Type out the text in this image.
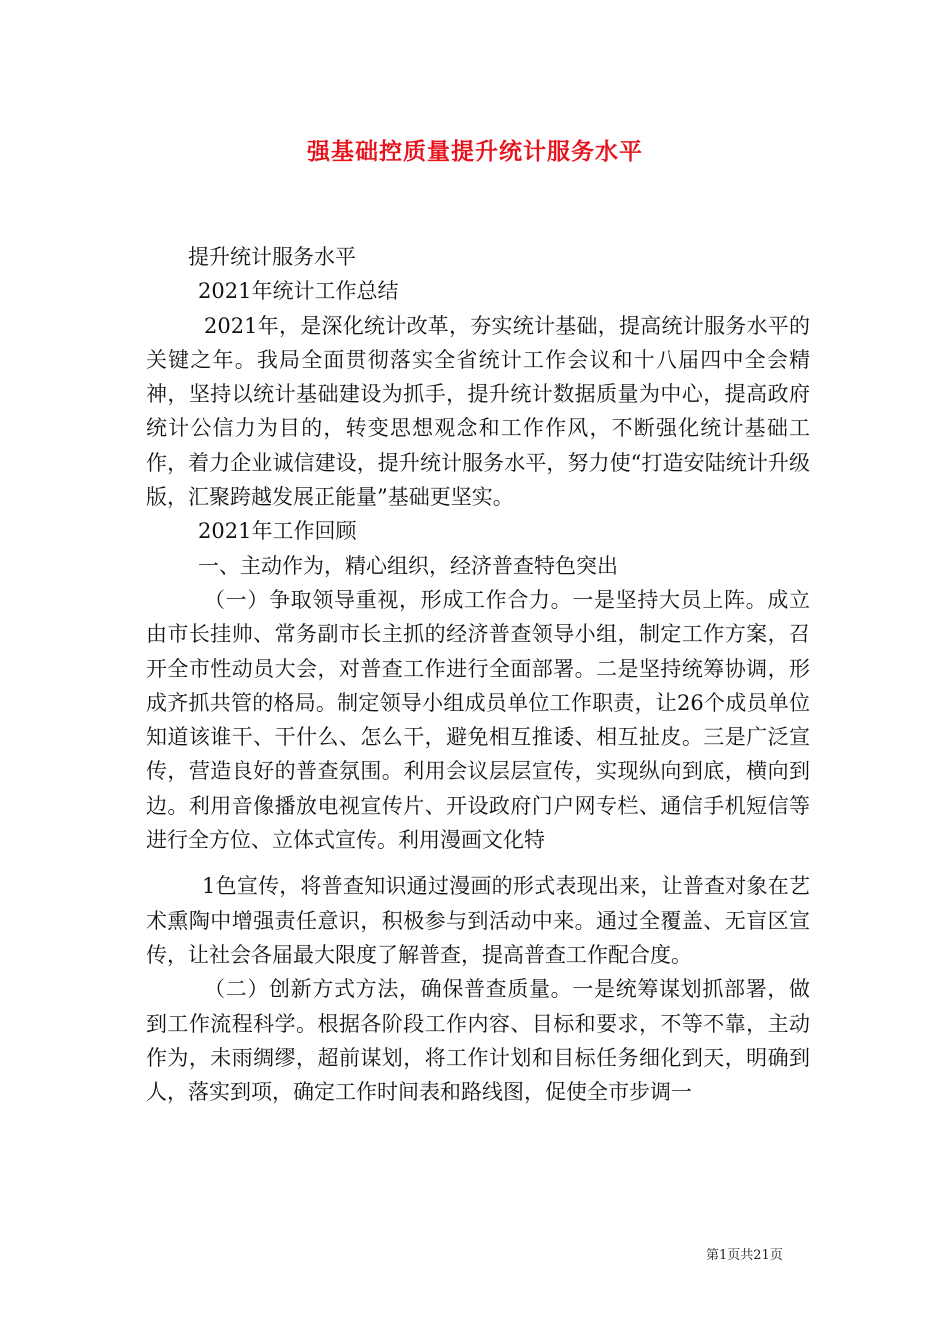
强基础控质量提升统计服务水平

提升统计服务水平

2021年统计工作总结

2021年，是深化统计改革，夯实统计基础，提高统计服务水平的关键之年。我局全面贯彻落实全省统计工作会议和十八届四中全会精神，坚持以统计基础建设为抓手，提升统计数据质量为中心，提高政府统计公信力为目的，转变思想观念和工作作风，不断强化统计基础工作，着力企业诚信建设，提升统计服务水平，努力使“打造安陆统计升级版，汇聚跨越发展正能量”基础更坚实。

2021年工作回顾

一、主动作为，精心组织，经济普查特色突出

（一）争取领导重视，形成工作合力。一是坚持大员上阵。成立由市长挂帅、常务副市长主抓的经济普查领导小组，制定工作方案，召开全市性动员大会，对普查工作进行全面部署。二是坚持统筹协调，形成齐抓共管的格局。制定领导小组成员单位工作职责，让26个成员单位知道该谁干、干什么、怎么干，避免相互推诿、相互扯皮。三是广泛宣传，营造良好的普查氛围。利用会议层层宣传，实现纵向到底，横向到边。利用音像播放电视宣传片、开设政府门户网专栏、通信手机短信等进行全方位、立体式宣传。利用漫画文化特

1色宣传，将普查知识通过漫画的形式表现出来，让普查对象在艺术熏陶中增强责任意识，积极参与到活动中来。通过全覆盖、无盲区宣传，让社会各届最大限度了解普查，提高普查工作配合度。

（二）创新方式方法，确保普查质量。一是统筹谋划抓部署，做到工作流程科学。根据各阶段工作内容、目标和要求，不等不靠，主动作为，未雨绸缪，超前谋划，将工作计划和目标任务细化到天，明确到人，落实到项，确定工作时间表和路线图，促使全市步调一

第1页共21页
